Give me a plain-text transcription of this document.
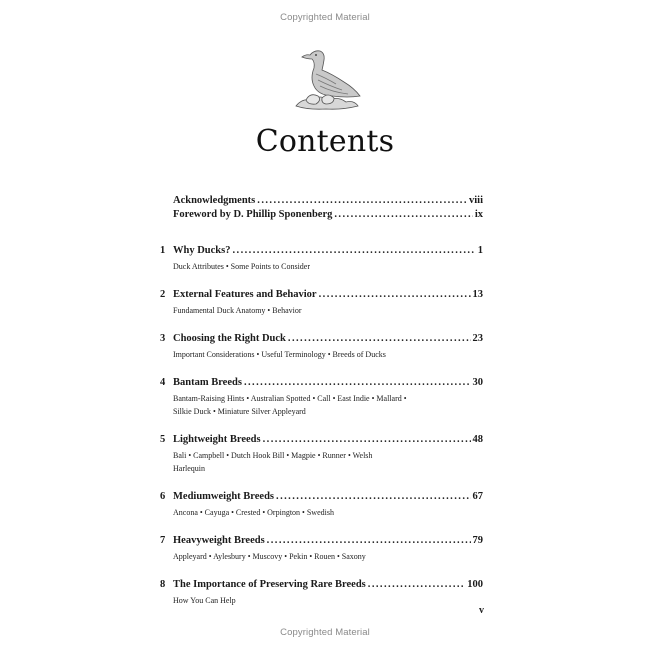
Copyrighted Material
Contents
Acknowledgments . . .	viii
Foreword by D. Phillip Sponenberg . . .	ix
1 Why Ducks? . . .	1
Duck Attributes • Some Points to Consider
2 External Features and Behavior . . .	13
Fundamental Duck Anatomy • Behavior
3 Choosing the Right Duck . . .	23
Important Considerations • Useful Terminology • Breeds of Ducks
4 Bantam Breeds . . .	30
Bantam-Raising Hints • Australian Spotted • Call • East Indie • Mallard • Silkie Duck • Miniature Silver Appleyard
5 Lightweight Breeds . . .	48
Bali • Campbell • Dutch Hook Bill • Magpie • Runner • Welsh Harlequin
6 Mediumweight Breeds . . .	67
Ancona • Cayuga • Crested • Orpington • Swedish
7 Heavyweight Breeds . . .	79
Appleyard • Aylesbury • Muscovy • Pekin • Rouen • Saxony
8 The Importance of Preserving Rare Breeds . . .	100
How You Can Help
v
Copyrighted Material
